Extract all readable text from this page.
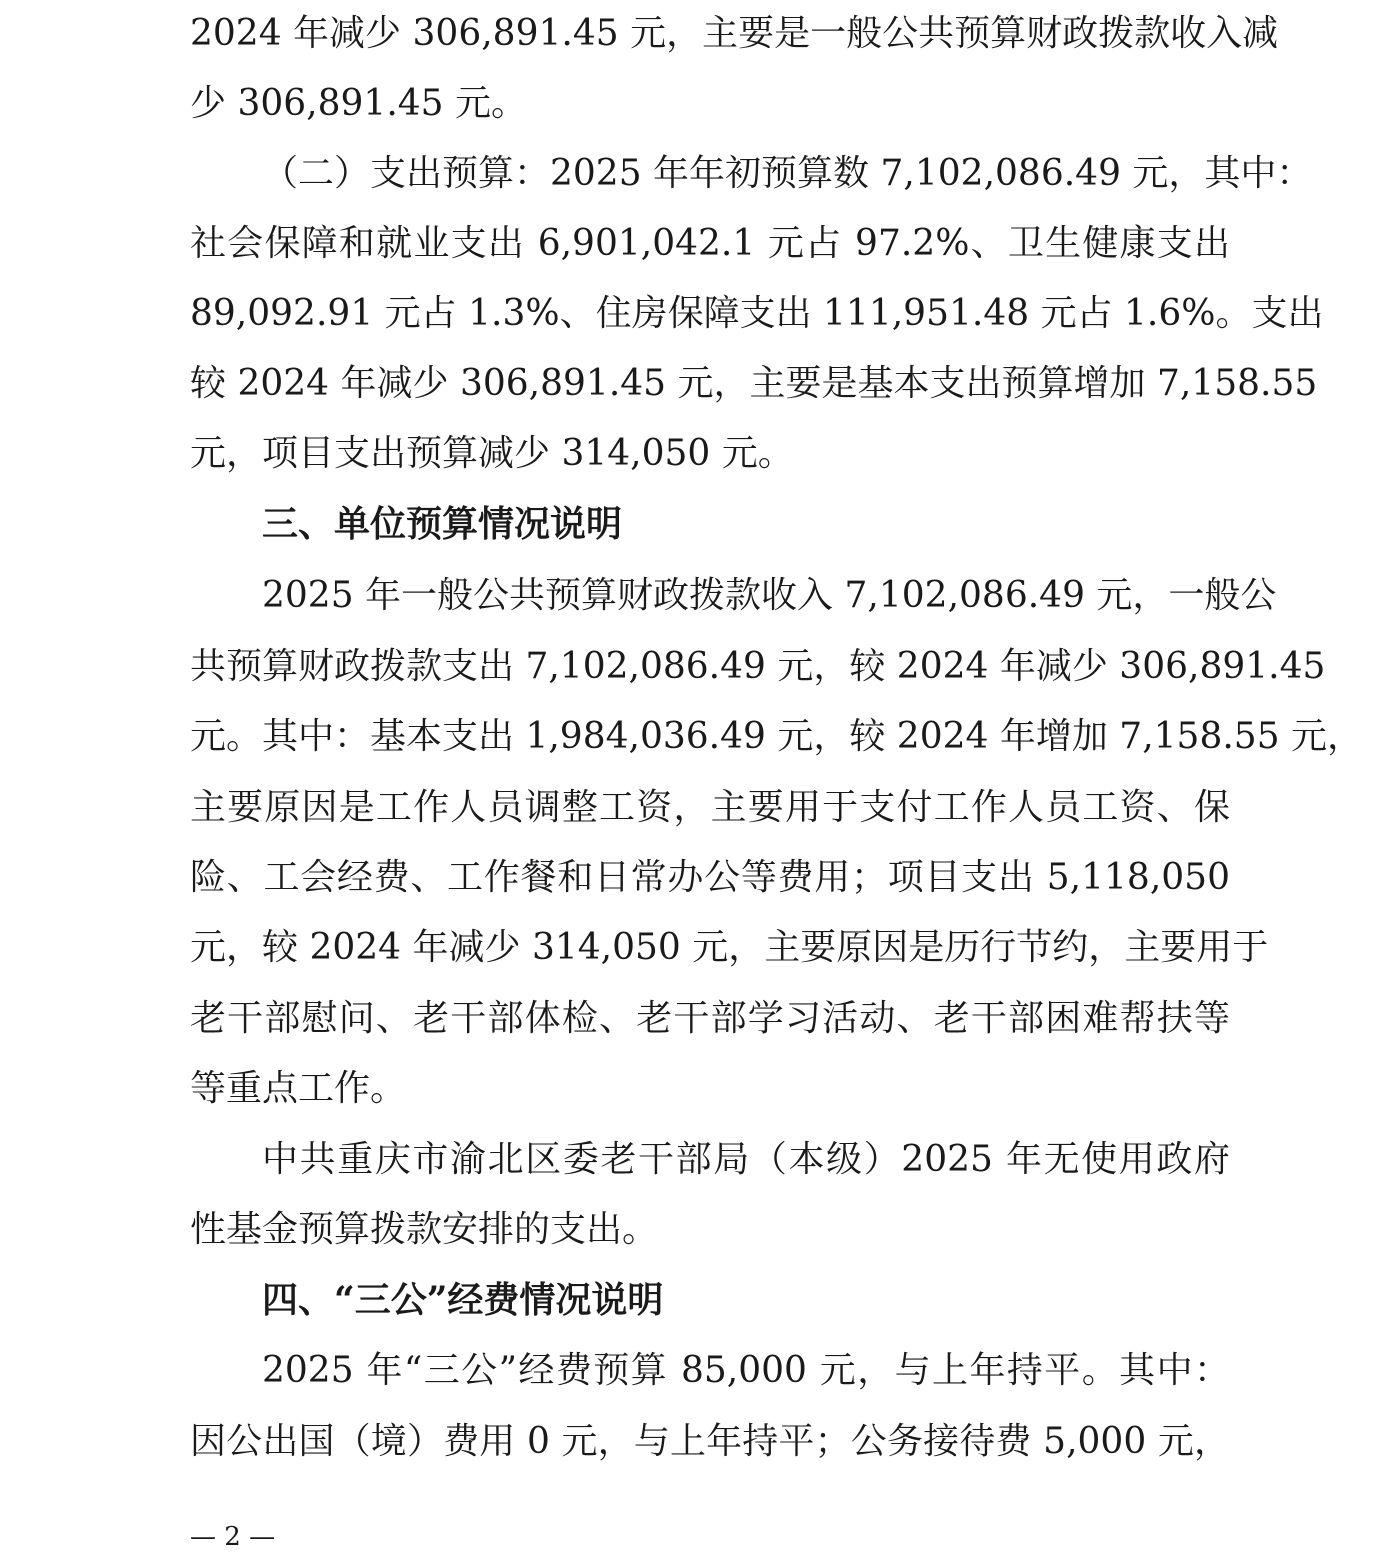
2024 年减少 306,891.45 元，主要是一般公共预算财政拨款收入减
少 306,891.45 元。
（二）支出预算：2025 年年初预算数 7,102,086.49 元，其中：
社会保障和就业支出 6,901,042.1 元占 97.2%、卫生健康支出
89,092.91 元占 1.3%、住房保障支出 111,951.48 元占 1.6%。支出
较 2024 年减少 306,891.45 元，主要是基本支出预算增加 7,158.55
元，项目支出预算减少 314,050 元。
三、单位预算情况说明
2025 年一般公共预算财政拨款收入 7,102,086.49 元，一般公
共预算财政拨款支出 7,102,086.49 元，较 2024 年减少 306,891.45
元。其中：基本支出 1,984,036.49 元，较 2024 年增加 7,158.55 元，
主要原因是工作人员调整工资，主要用于支付工作人员工资、保
险、工会经费、工作餐和日常办公等费用；项目支出 5,118,050
元，较 2024 年减少 314,050 元，主要原因是历行节约，主要用于
老干部慰问、老干部体检、老干部学习活动、老干部困难帮扶等
等重点工作。
中共重庆市渝北区委老干部局（本级）2025 年无使用政府
性基金预算拨款安排的支出。
四、“三公”经费情况说明
2025 年“三公”经费预算 85,000 元，与上年持平。其中：
因公出国（境）费用 0 元，与上年持平；公务接待费 5,000 元，
— 2 —
